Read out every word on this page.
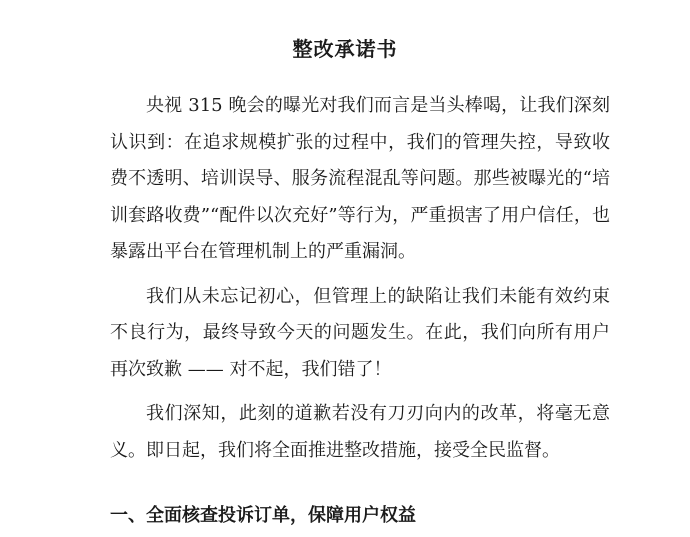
整改承诺书

央视 315 晚会的曝光对我们而言是当头棒喝，让我们深刻认识到：在追求规模扩张的过程中，我们的管理失控，导致收费不透明、培训误导、服务流程混乱等问题。那些被曝光的“培训套路收费”“配件以次充好”等行为，严重损害了用户信任，也暴露出平台在管理机制上的严重漏洞。

我们从未忘记初心，但管理上的缺陷让我们未能有效约束不良行为，最终导致今天的问题发生。在此，我们向所有用户再次致歉 —— 对不起，我们错了！

我们深知，此刻的道歉若没有刀刃向内的改革，将毫无意义。即日起，我们将全面推进整改措施，接受全民监督。

一、全面核查投诉订单，保障用户权益
